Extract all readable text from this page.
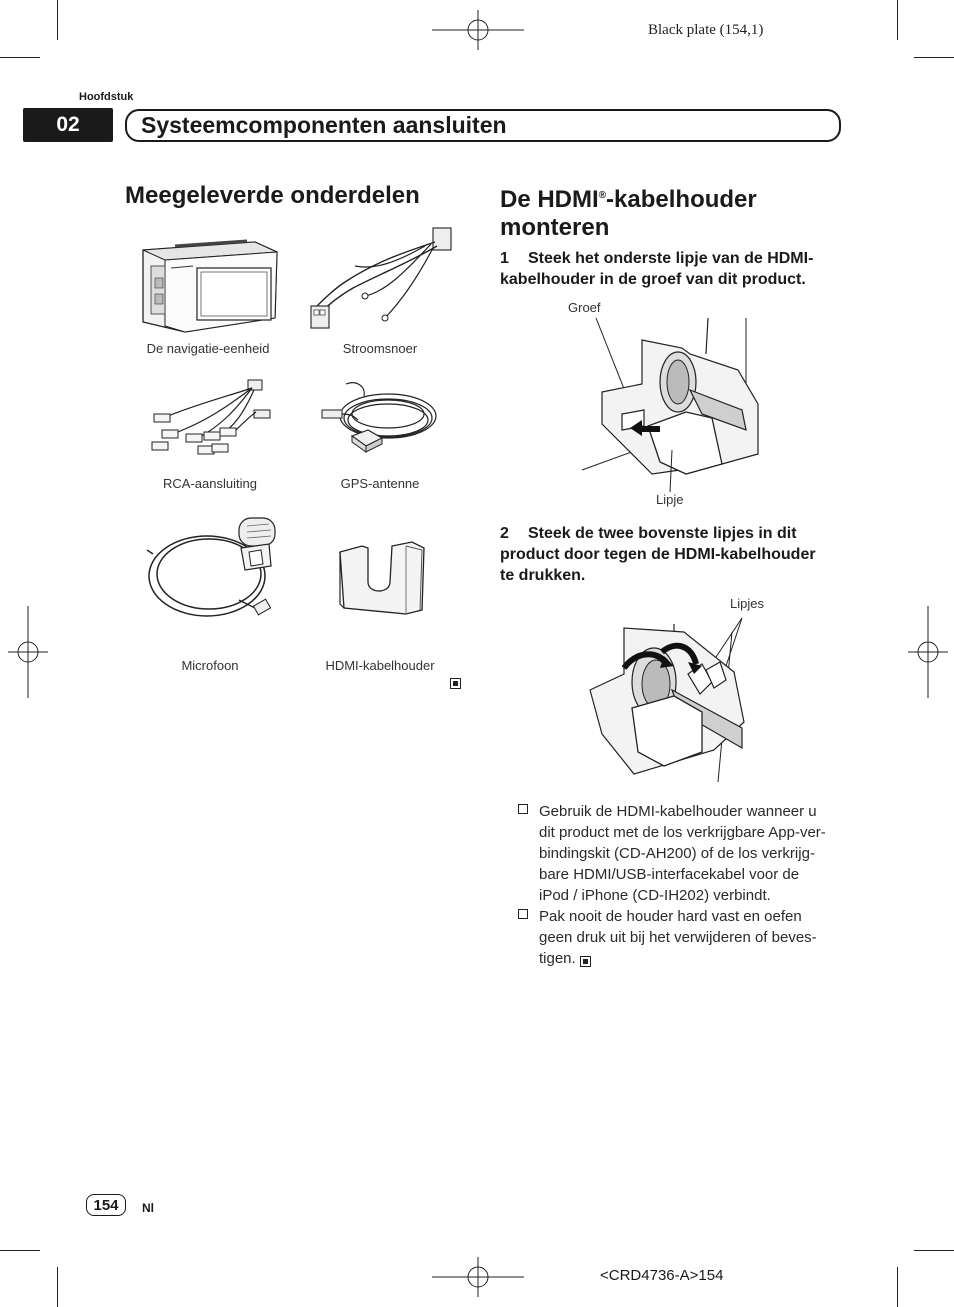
Black plate (154,1)
Hoofdstuk
02	Systeemcomponenten aansluiten
Meegeleverde onderdelen
De navigatie-eenheid	Stroomsnoer
RCA-aansluiting	GPS-antenne
Microfoon	HDMI-kabelhouder
De HDMI®-kabelhouder
monteren
1 Steek het onderste lipje van de HDMI-
kabelhouder in de groef van dit product.
Groef
Lipje
2 Steek de twee bovenste lipjes in dit
product door tegen de HDMI-kabelhouder
te drukken.
Lipjes
Gebruik de HDMI-kabelhouder wanneer u
dit product met de los verkrijgbare App-ver-
bindingskit (CD-AH200) of de los verkrijg-
bare HDMI/USB-interfacekabel voor de
iPod / iPhone (CD-IH202) verbindt.
Pak nooit de houder hard vast en oefen
geen druk uit bij het verwijderen of beves-
tigen.
154	Nl
<CRD4736-A>154
